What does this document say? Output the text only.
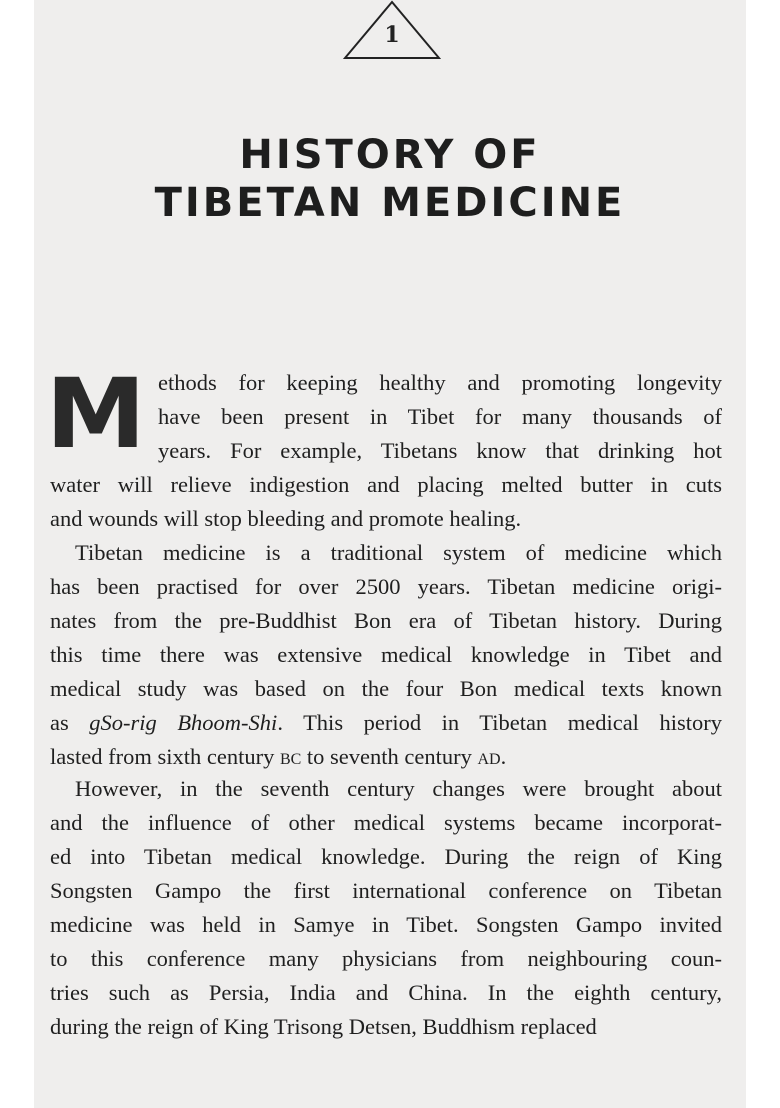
1
HISTORY OF
TIBETAN MEDICINE
M ethods for keeping healthy and promoting longevity
have been present in Tibet for many thousands of
years. For example, Tibetans know that drinking hot
water will relieve indigestion and placing melted butter in cuts
and wounds will stop bleeding and promote healing.
Tibetan medicine is a traditional system of medicine which
has been practised for over 2500 years. Tibetan medicine origi-
nates from the pre-Buddhist Bon era of Tibetan history. During
this time there was extensive medical knowledge in Tibet and
medical study was based on the four Bon medical texts known
as gSo-rig Bhoom-Shi. This period in Tibetan medical history
lasted from sixth century bc to seventh century ad.
However, in the seventh century changes were brought about
and the influence of other medical systems became incorporat-
ed into Tibetan medical knowledge. During the reign of King
Songsten Gampo the first international conference on Tibetan
medicine was held in Samye in Tibet. Songsten Gampo invited
to this conference many physicians from neighbouring coun-
tries such as Persia, India and China. In the eighth century,
during the reign of King Trisong Detsen, Buddhism replaced
